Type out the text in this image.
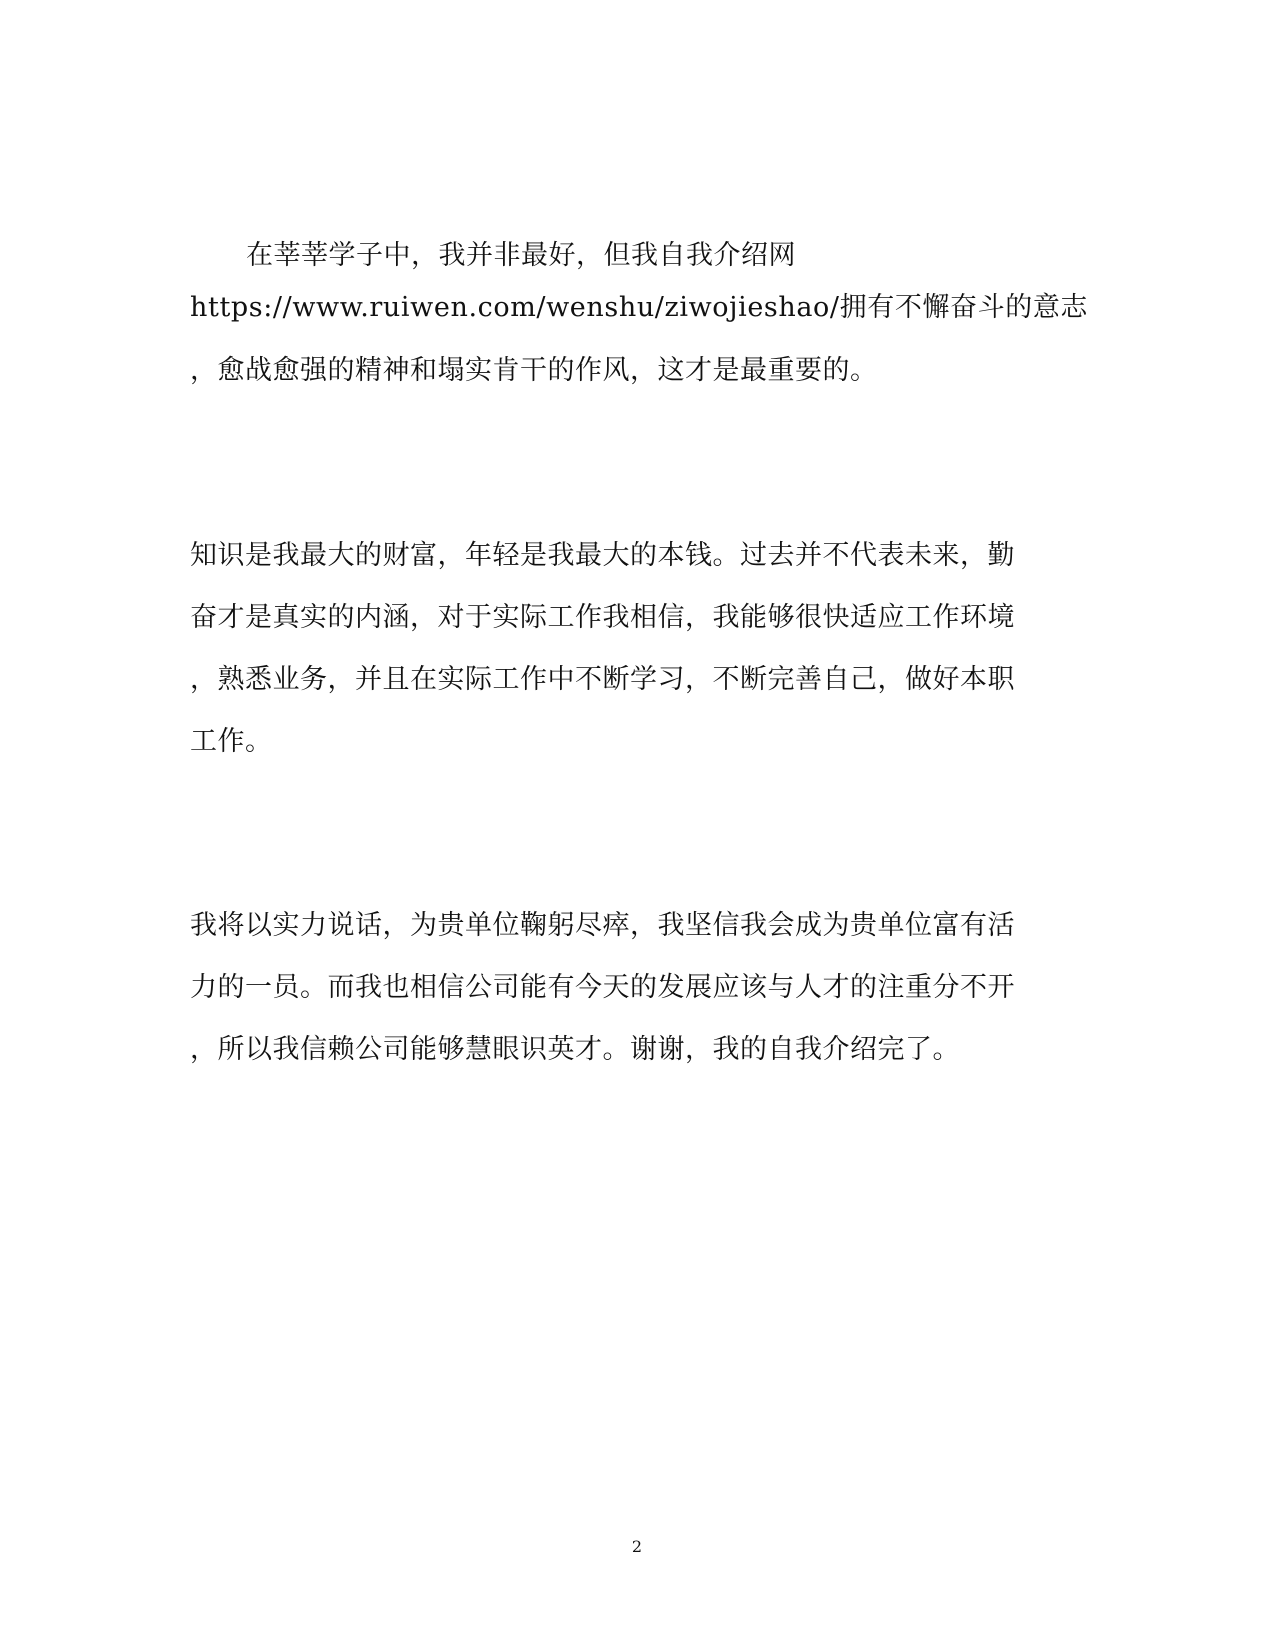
在莘莘学子中，我并非最好，但我自我介绍网
https://www.ruiwen.com/wenshu/ziwojieshao/拥有不懈奋斗的意志
，愈战愈强的精神和塌实肯干的作风，这才是最重要的。
知识是我最大的财富，年轻是我最大的本钱。过去并不代表未来，勤
奋才是真实的内涵，对于实际工作我相信，我能够很快适应工作环境
，熟悉业务，并且在实际工作中不断学习，不断完善自己，做好本职
工作。
我将以实力说话，为贵单位鞠躬尽瘁，我坚信我会成为贵单位富有活
力的一员。而我也相信公司能有今天的发展应该与人才的注重分不开
，所以我信赖公司能够慧眼识英才。谢谢，我的自我介绍完了。
2
